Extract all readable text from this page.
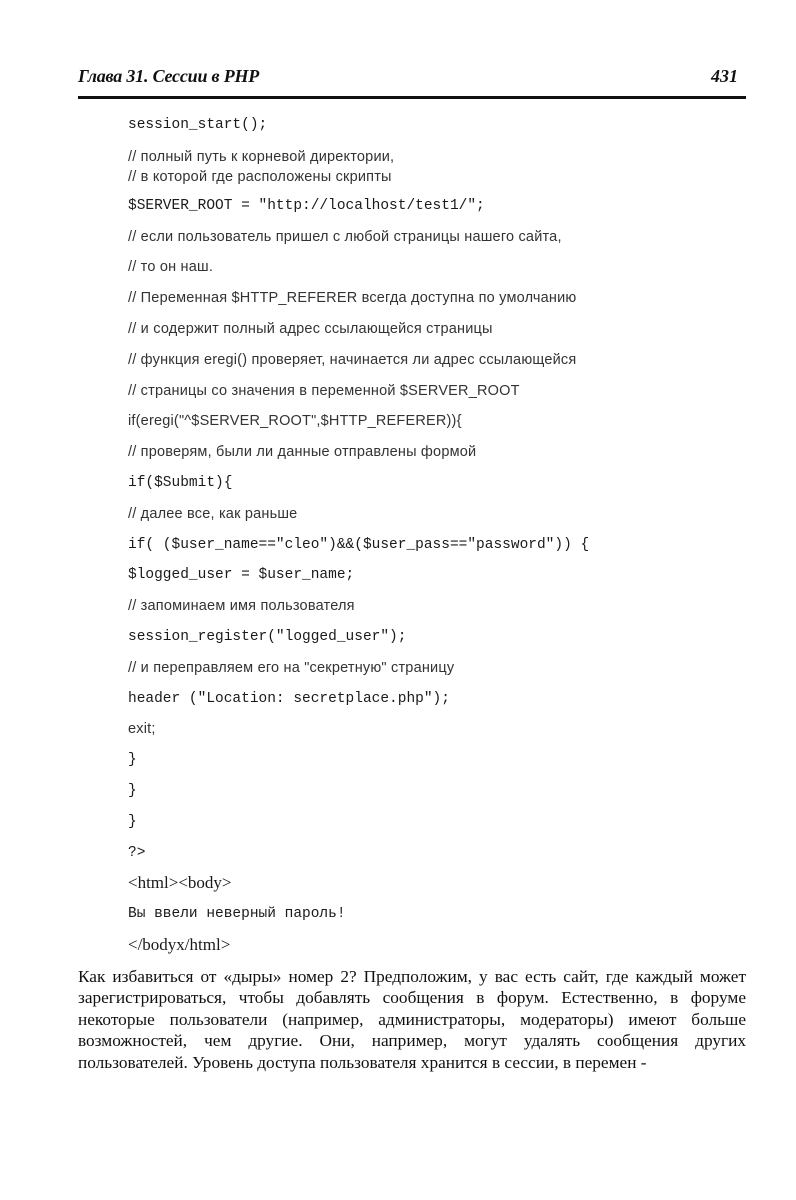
Глава 31. Сессии в PHP	431
session_start();
// полный путь к корневой директории,
// в которой где расположены скрипты
$SERVER_ROOT = "http://localhost/test1/";
// если пользователь пришел с любой страницы нашего сайта,
// то он наш.
// Переменная $HTTP_REFERER всегда доступна по умолчанию
// и содержит полный адрес ссылающейся страницы
// функция eregi() проверяет, начинается ли адрес ссылающейся
// страницы со значения в переменной $SERVER_ROOT
if(eregi("^$SERVER_ROOT",$HTTP_REFERER)){
// проверям, были ли данные отправлены формой
if($Submit){
// далее все, как раньше
if( ($user_name=="cleo")&&($user_pass=="password")) {
$logged_user = $user_name;
// запоминаем имя пользователя
session_register("logged_user");
// и переправляем его на "секретную" страницу
header ("Location: secretplace.php");
exit;
}
}
}
?>
<html><body>
Вы ввели неверный пароль!
</bodyx/html>
Как избавиться от «дыры» номер 2? Предположим, у вас есть сайт, где каждый может зарегистрироваться, чтобы добавлять сообщения в форум. Естественно, в форуме некоторые пользователи (например, администраторы, модераторы) имеют больше возможностей, чем другие. Они, например, могут удалять сообщения других пользователей. Уровень доступа пользователя хранится в сессии, в перемен -
